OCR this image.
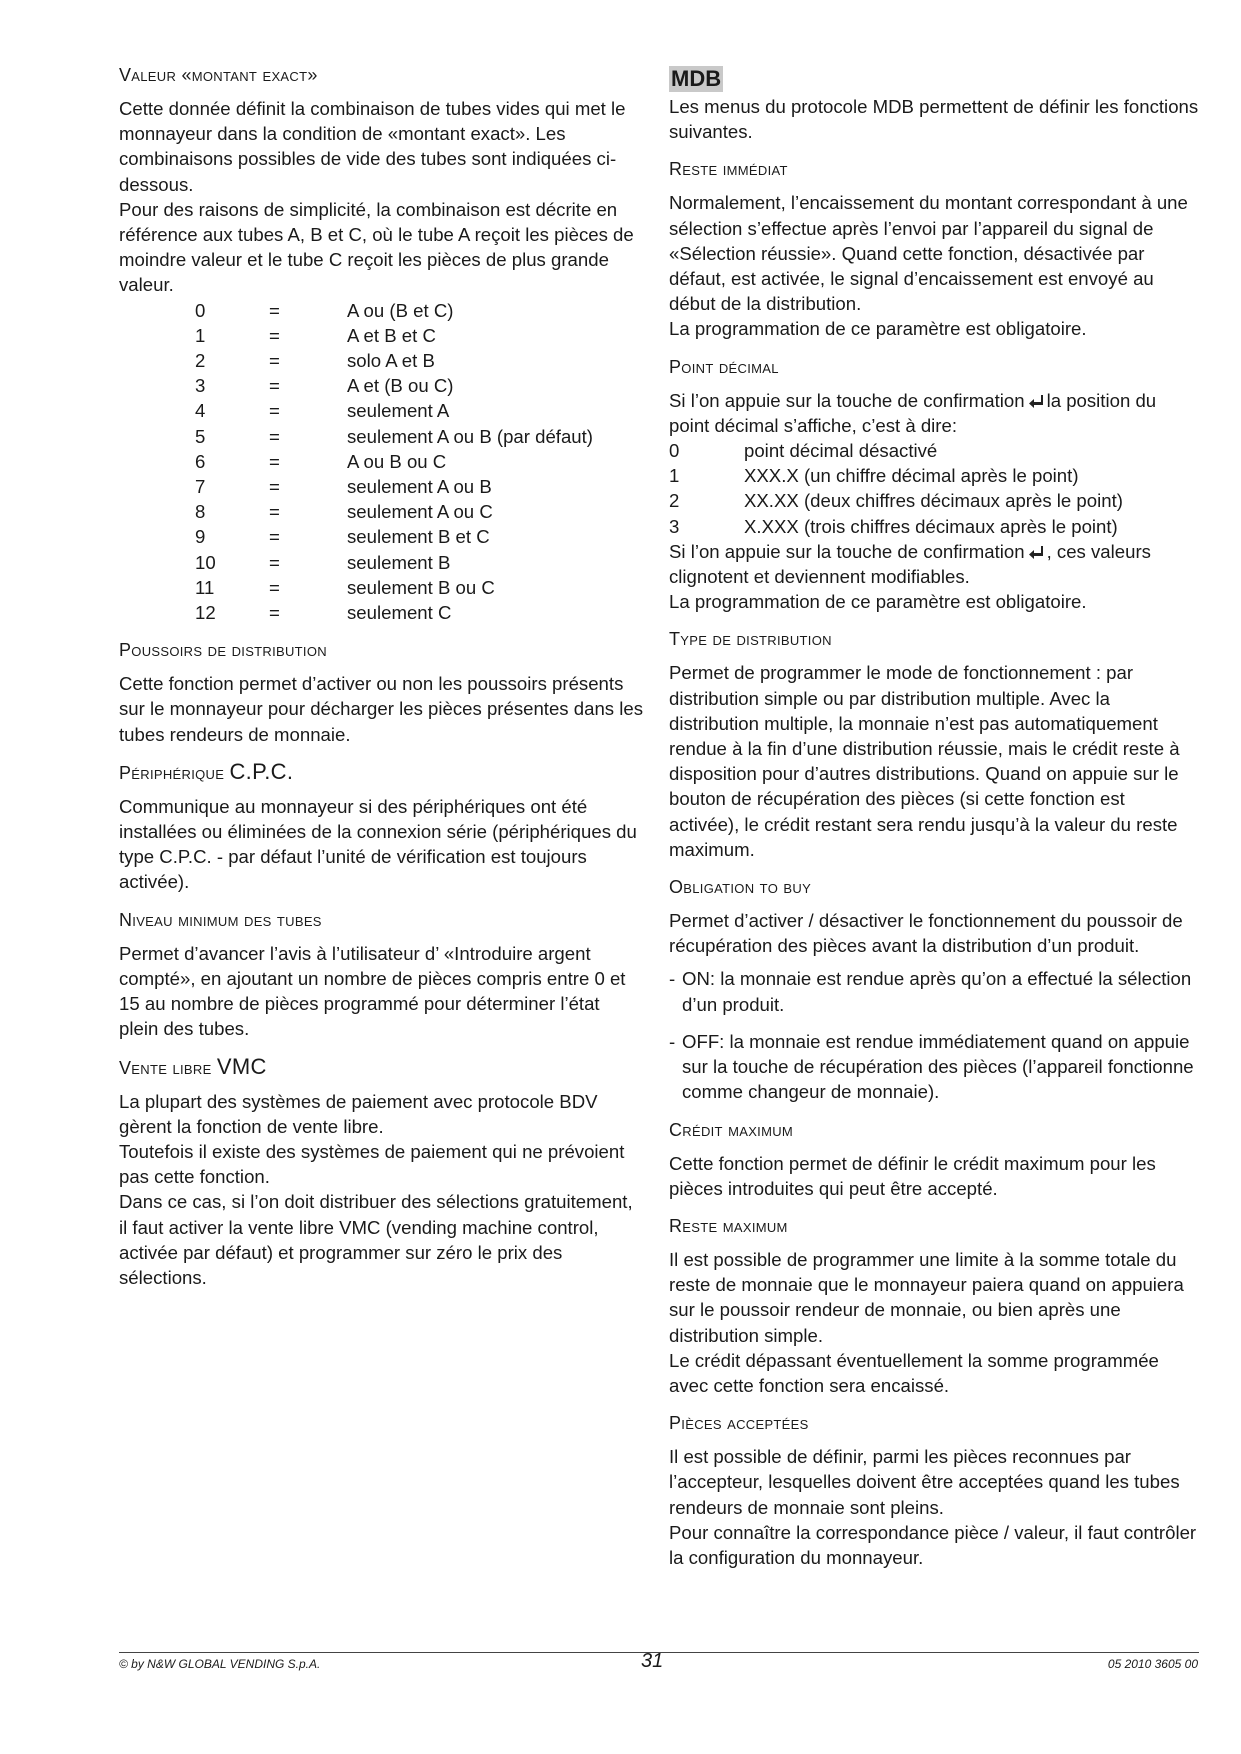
Valeur «montant exact»

Cette donnée définit la combinaison de tubes vides qui met le monnayeur dans la condition de «montant exact». Les combinaisons possibles de vide des tubes sont indiquées ci-dessous.

Pour des raisons de simplicité, la combinaison est décrite en référence aux tubes A, B et C, où le tube A reçoit les pièces de moindre valeur et le tube C reçoit les pièces de plus grande valeur.

0	=	A ou (B et C)
1	=	A et B et C
2	=	solo A et B
3	=	A et (B ou C)
4	=	seulement A
5	=	seulement A ou B (par défaut)
6	=	A ou B ou C
7	=	seulement A ou B
8	=	seulement A ou C
9	=	seulement B et C
10	=	seulement B
11	=	seulement B ou C
12	=	seulement C
Poussoirs de distribution

Cette fonction permet d’activer ou non les poussoirs présents sur le monnayeur pour décharger les pièces présentes dans les tubes rendeurs de monnaie.

Périphérique C.P.C.

Communique au monnayeur si des périphériques ont été installées ou éliminées de la connexion série (périphériques du type C.P.C. - par défaut l’unité de vérification est toujours activée).

Niveau minimum des tubes

Permet d’avancer l’avis à l’utilisateur d’ «Introduire argent compté», en ajoutant un nombre de pièces compris entre 0 et 15 au nombre de pièces programmé pour déterminer l’état plein des tubes.

Vente libre VMC

La plupart des systèmes de paiement avec protocole BDV gèrent la fonction de vente libre.

Toutefois il existe des systèmes de paiement qui ne prévoient pas cette fonction.

Dans ce cas, si l’on doit distribuer des sélections gratuitement, il faut activer la vente libre VMC (vending machine control, activée par défaut) et programmer sur zéro le prix des sélections.

MDB

Les menus du protocole MDB permettent de définir les fonctions suivantes.

Reste immédiat

Normalement, l’encaissement du montant correspondant à une sélection s’effectue après l’envoi par l’appareil du signal de «Sélection réussie». Quand cette fonction, désactivée par défaut, est activée, le signal d’encaissement est envoyé au début de la distribution.

La programmation de ce paramètre est obligatoire.

Point décimal

Si l’on appuie sur la touche de confirmation la position du point décimal s’affiche, c’est à dire:

0	point décimal désactivé
1	XXX.X (un chiffre décimal après le point)
2	XX.XX (deux chiffres décimaux après le point)
3	X.XXX (trois chiffres décimaux après le point)

Si l’on appuie sur la touche de confirmation , ces valeurs clignotent et deviennent modifiables.

La programmation de ce paramètre est obligatoire.

Type de distribution

Permet de programmer le mode de fonctionnement : par distribution simple ou par distribution multiple. Avec la distribution multiple, la monnaie n’est pas automatiquement rendue à la fin d’une distribution réussie, mais le crédit reste à disposition pour d’autres distributions. Quand on appuie sur le bouton de récupération des pièces (si cette fonction est activée), le crédit restant sera rendu jusqu’à la valeur du reste maximum.

Obligation to buy

Permet d’activer / désactiver le fonctionnement du poussoir de récupération des pièces avant la distribution d’un produit.

- ON: la monnaie est rendue après qu’on a effectué la sélection d’un produit.
- OFF: la monnaie est rendue immédiatement quand on appuie sur la touche de récupération des pièces (l’appareil fonctionne comme changeur de monnaie).
Crédit maximum

Cette fonction permet de définir le crédit maximum pour les pièces introduites qui peut être accepté.

Reste maximum

Il est possible de programmer une limite à la somme totale du reste de monnaie que le monnayeur paiera quand on appuiera sur le poussoir rendeur de monnaie, ou bien après une distribution simple.

Le crédit dépassant éventuellement la somme programmée avec cette fonction sera encaissé.

Pièces acceptées

Il est possible de définir, parmi les pièces reconnues par l’accepteur, lesquelles doivent être acceptées quand les tubes rendeurs de monnaie sont pleins.

Pour connaître la correspondance pièce / valeur, il faut contrôler la configuration du monnayeur.

© by N&W GLOBAL VENDING S.p.A.	31	05 2010 3605 00
